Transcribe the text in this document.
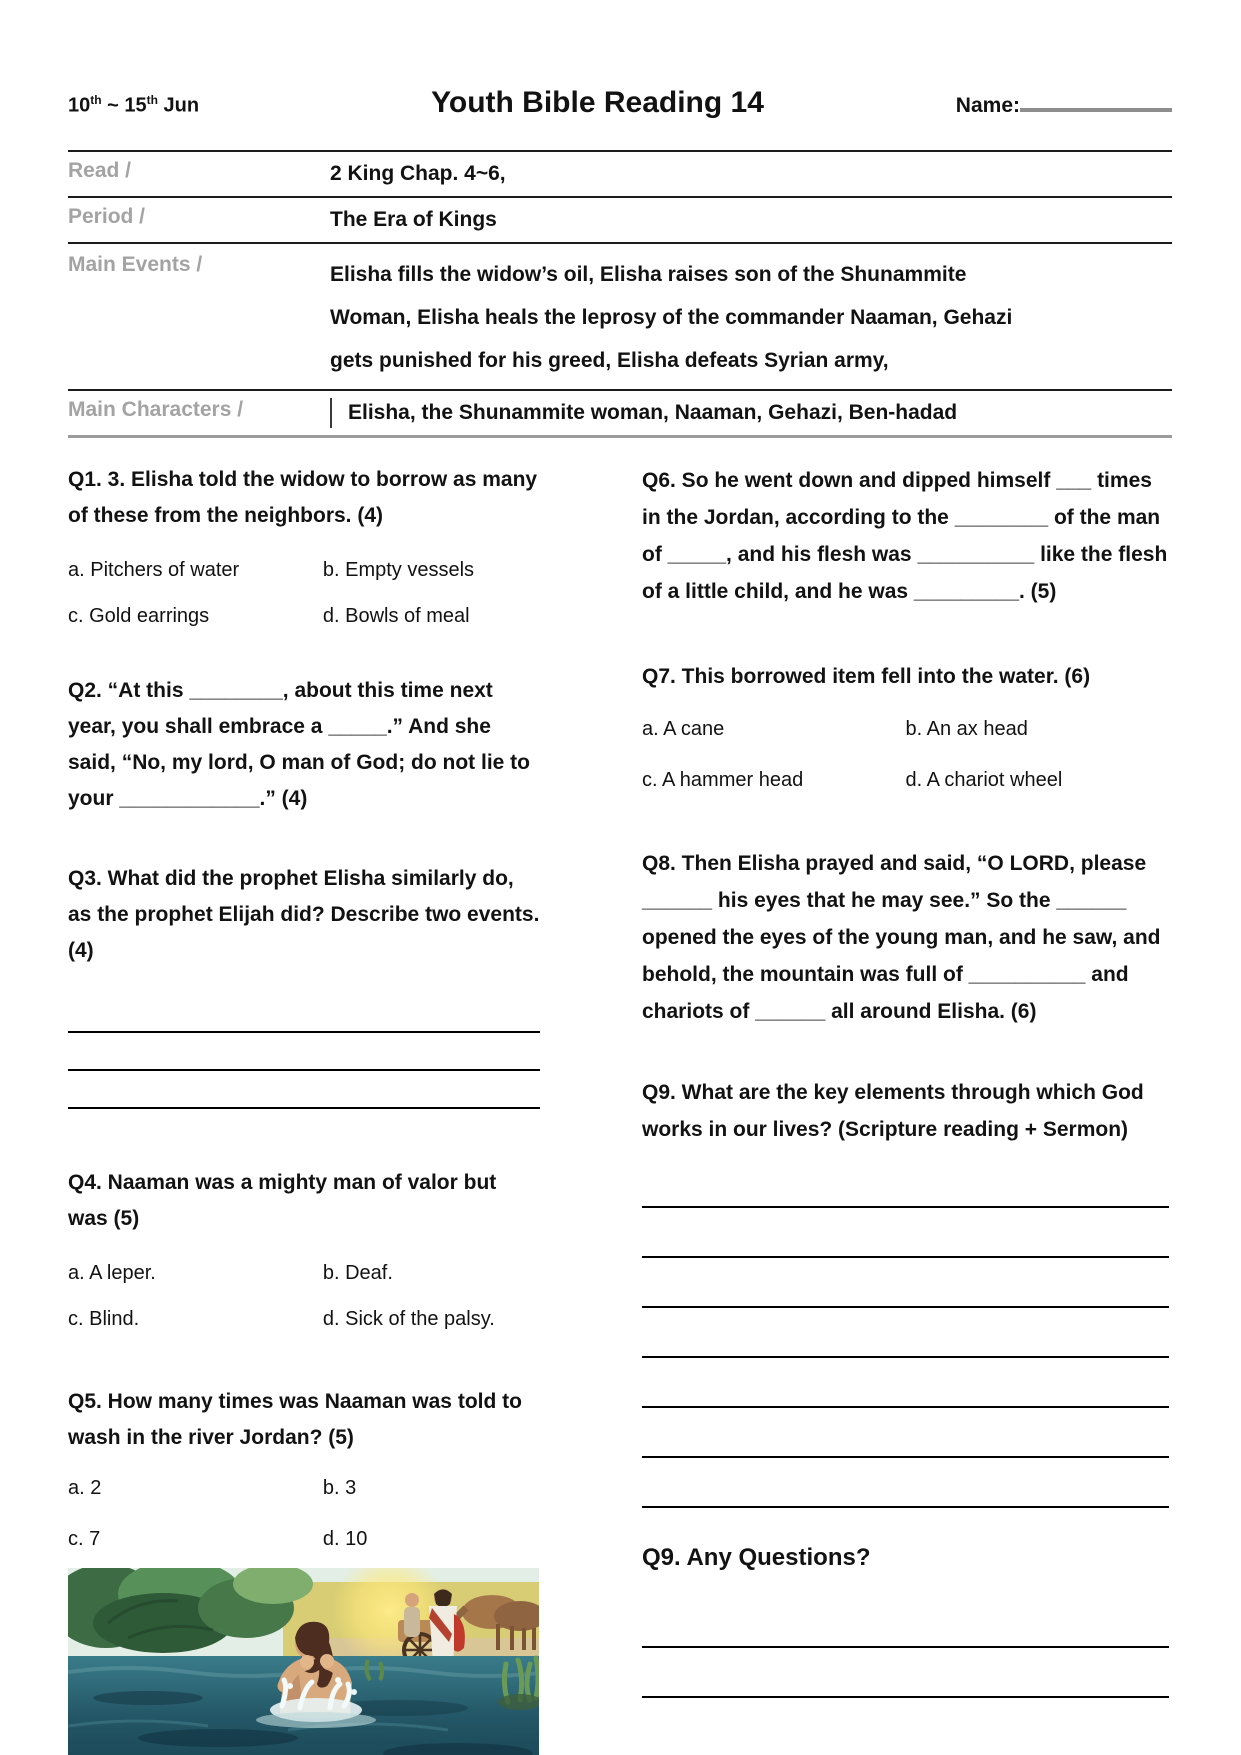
10th ~ 15th Jun	Youth Bible Reading 14	Name:
Read /	2 King Chap. 4~6,
Period /	The Era of Kings
Main Events /	Elisha fills the widow’s oil, Elisha raises son of the Shunammite Woman, Elisha heals the leprosy of the commander Naaman, Gehazi gets punished for his greed, Elisha defeats Syrian army,
Main Characters /	Elisha, the Shunammite woman, Naaman, Gehazi, Ben-hadad
Q1. 3. Elisha told the widow to borrow as many of these from the neighbors. (4)
a. Pitchers of water	b. Empty vessels
c. Gold earrings	d. Bowls of meal
Q2. “At this ________, about this time next year, you shall embrace a _____.” And she said, “No, my lord, O man of God; do not lie to your ____________.” (4)
Q3. What did the prophet Elisha similarly do, as the prophet Elijah did? Describe two events. (4)
Q4. Naaman was a mighty man of valor but was (5)
a. A leper.	b. Deaf.
c. Blind.	d. Sick of the palsy.
Q5. How many times was Naaman was told to wash in the river Jordan? (5)
a. 2	b. 3
c. 7	d. 10
Q6. So he went down and dipped himself ___ times in the Jordan, according to the ________ of the man of _____, and his flesh was __________ like the flesh of a little child, and he was _________. (5)
Q7. This borrowed item fell into the water. (6)
a. A cane	b. An ax head
c. A hammer head	d. A chariot wheel
Q8. Then Elisha prayed and said, “O LORD, please ______ his eyes that he may see.” So the ______ opened the eyes of the young man, and he saw, and behold, the mountain was full of __________ and chariots of ______ all around Elisha. (6)
Q9. What are the key elements through which God works in our lives? (Scripture reading + Sermon)
Q9. Any Questions?
